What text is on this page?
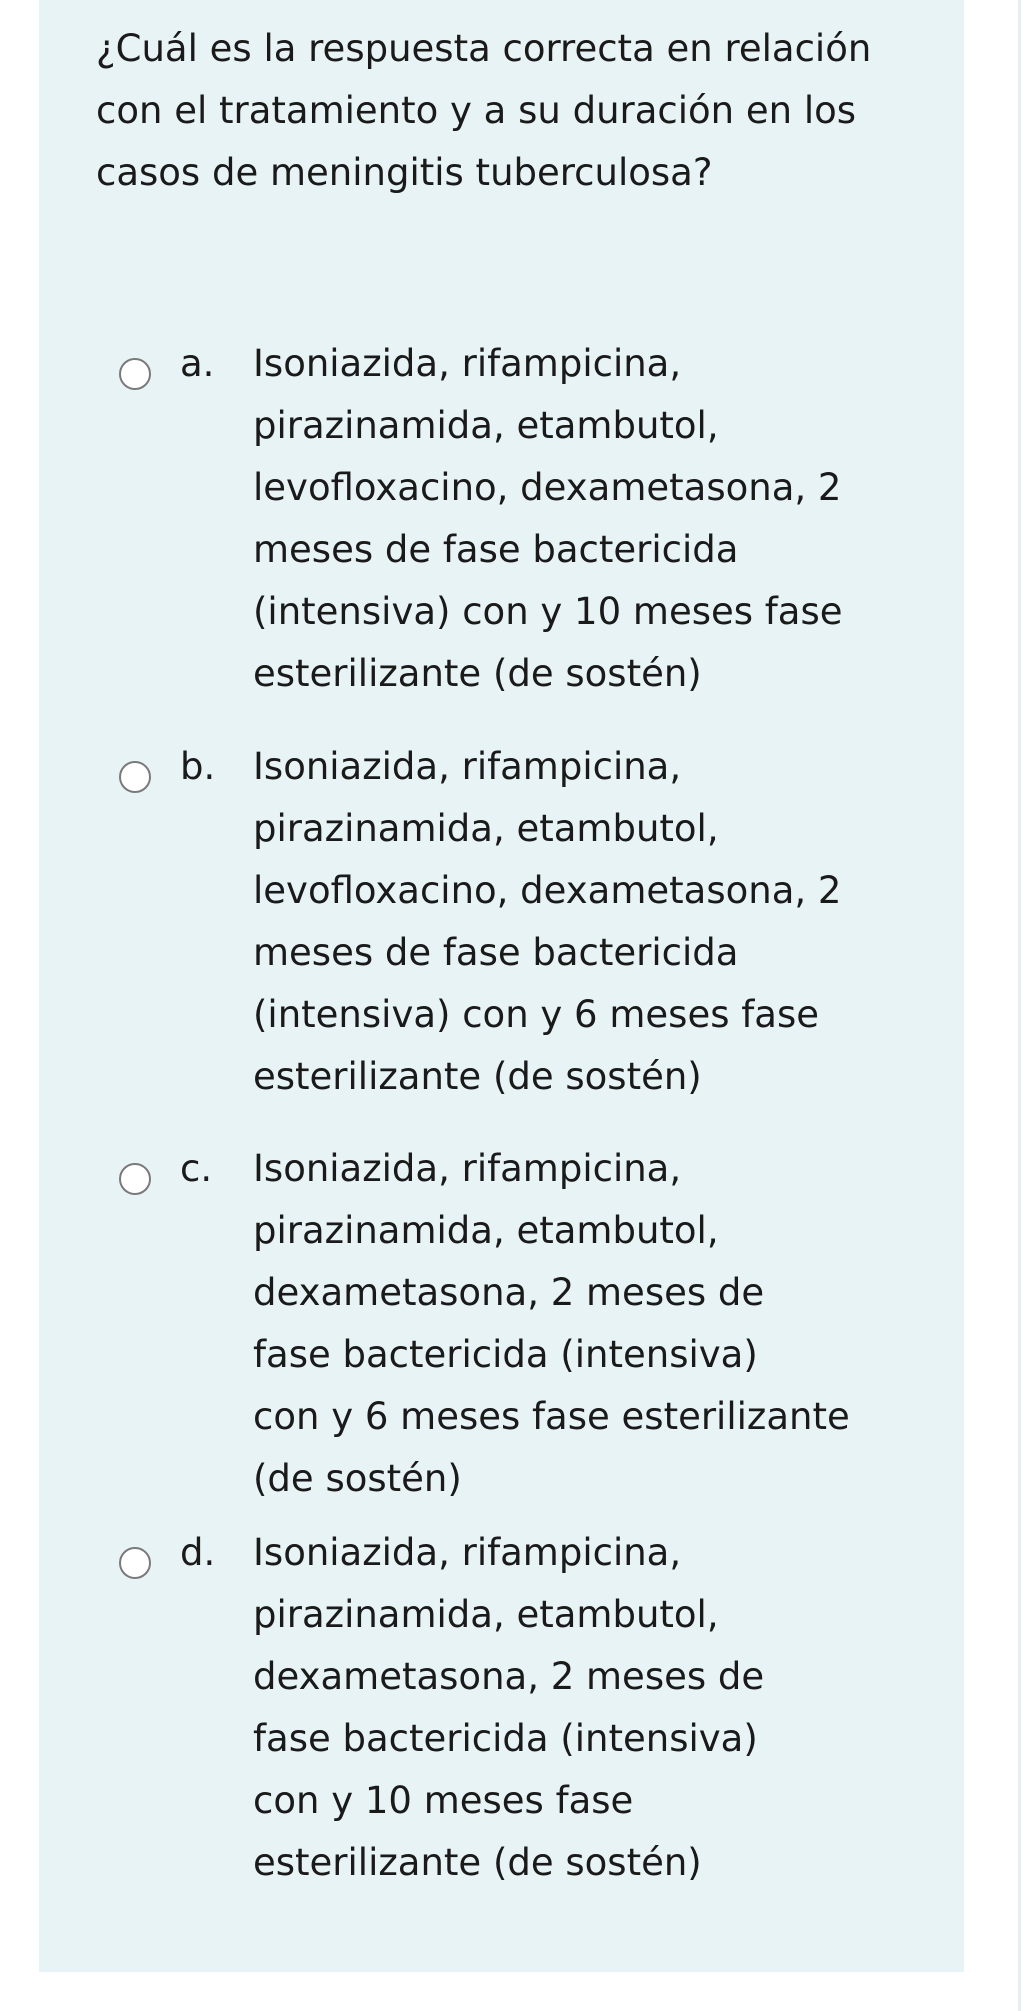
¿Cuál es la respuesta correcta en relación con el tratamiento y a su duración en los casos de meningitis tuberculosa?

a. Isoniazida, rifampicina,
pirazinamida, etambutol,
levofloxacino, dexametasona, 2
meses de fase bactericida
(intensiva) con y 10 meses fase
esterilizante (de sostén)
b. Isoniazida, rifampicina,
pirazinamida, etambutol,
levofloxacino, dexametasona, 2
meses de fase bactericida
(intensiva) con y 6 meses fase
esterilizante (de sostén)
c. Isoniazida, rifampicina,
pirazinamida, etambutol,
dexametasona, 2 meses de
fase bactericida (intensiva)
con y 6 meses fase esterilizante
(de sostén)
d. Isoniazida, rifampicina,
pirazinamida, etambutol,
dexametasona, 2 meses de
fase bactericida (intensiva)
con y 10 meses fase
esterilizante (de sostén)
